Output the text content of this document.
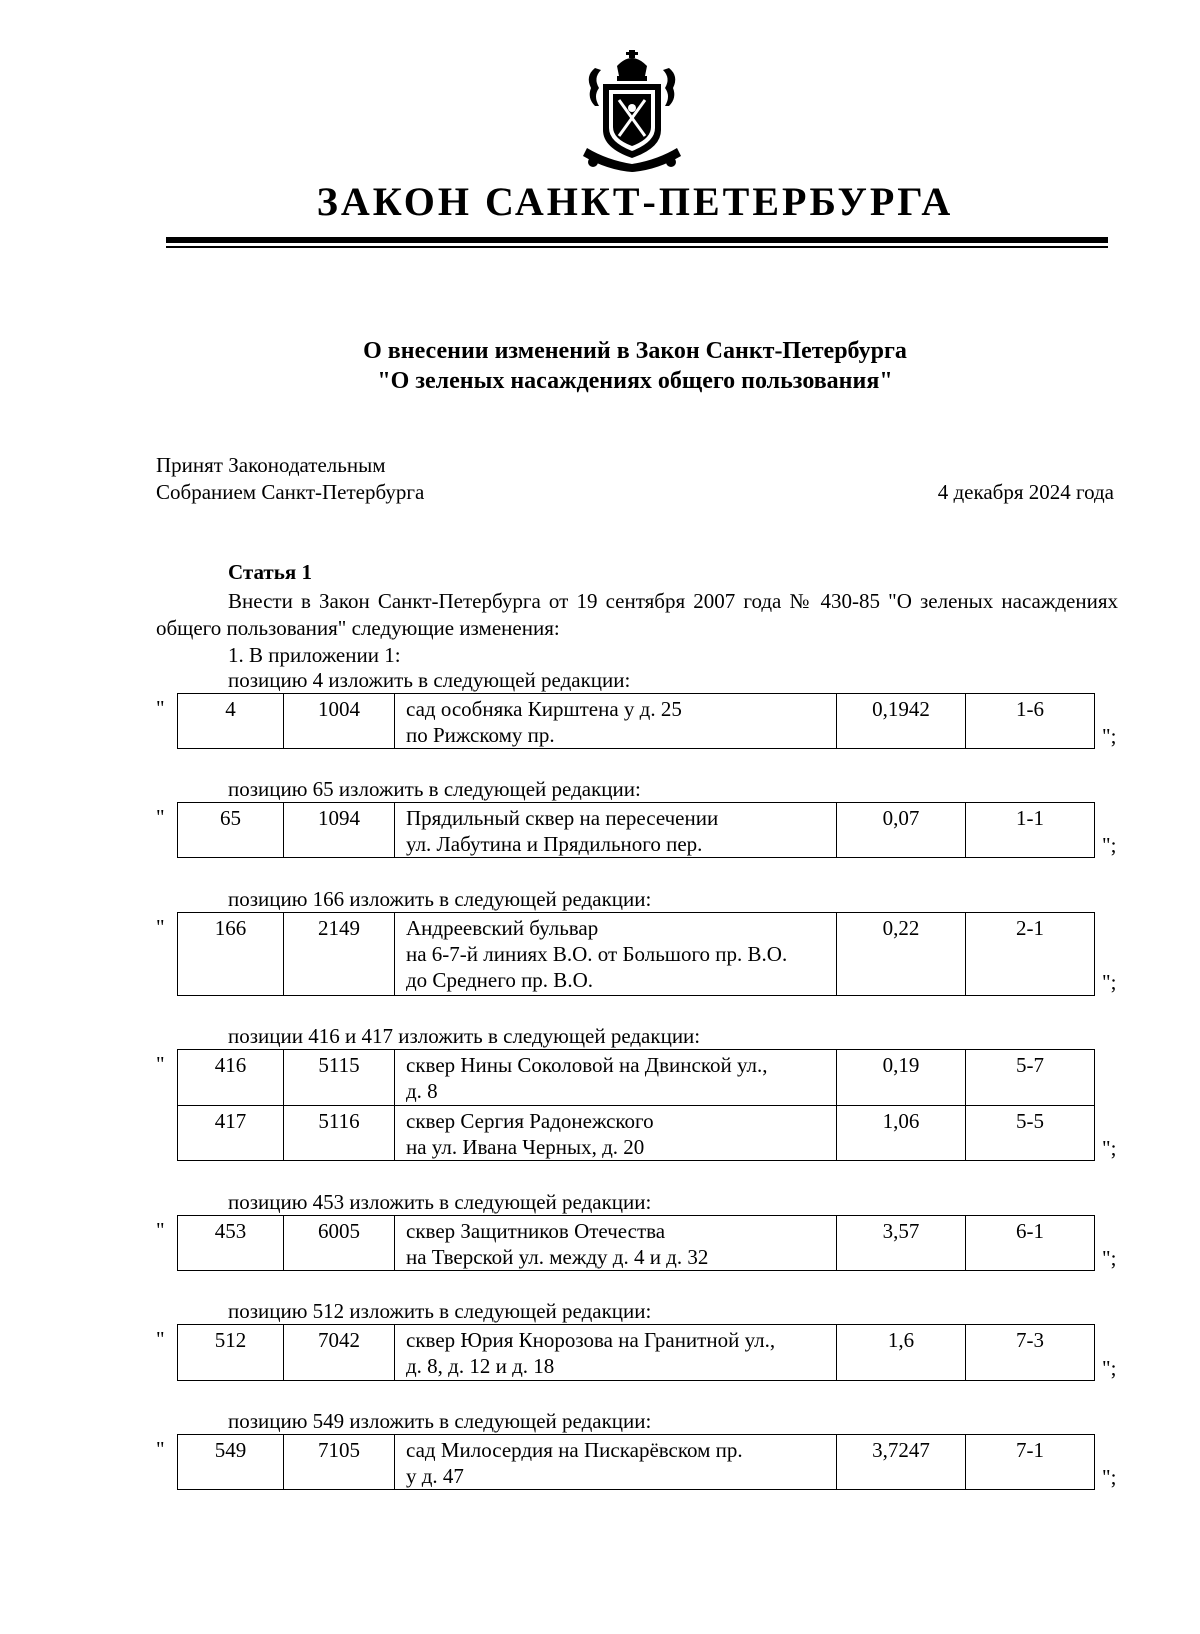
ЗАКОН САНКТ-ПЕТЕРБУРГА
О внесении изменений в Закон Санкт-Петербурга
"О зеленых насаждениях общего пользования"
Принят Законодательным
Собранием Санкт-Петербурга	4 декабря 2024 года
Статья 1
Внести в Закон Санкт-Петербурга от 19 сентября 2007 года № 430-85 "О зеленых насаждениях общего пользования" следующие изменения:
1. В приложении 1:
позицию 4 изложить в следующей редакции:
"	4	1004	сад особняка Кирштена у д. 25
по Рижскому пр.
	0,1942	1-6
";
позицию 65 изложить в следующей редакции:
"	65	1094	Прядильный сквер на пересечении
ул. Лабутина и Прядильного пер.
	0,07	1-1
";
позицию 166 изложить в следующей редакции:
" 166	2149	Андреевский бульвар
на 6-7-й линиях В.О. от Большого пр. В.О.
до Среднего пр. В.О.
	0,22	2-1
";
позиции 416 и 417 изложить в следующей редакции:
" 416	5115	сквер Нины Соколовой на Двинской ул.,
д. 8	0,19	5-7
417	5116	сквер Сергия Радонежского
на ул. Ивана Черных, д. 20	1,06	5-5
";
позицию 453 изложить в следующей редакции:
" 453	6005	сквер Защитников Отечества
на Тверской ул. между д. 4 и д. 32
	3,57	6-1
";
позицию 512 изложить в следующей редакции:
" 512	7042	сквер Юрия Кнорозова на Гранитной ул.,
д. 8, д. 12 и д. 18
	1,6	7-3
";
позицию 549 изложить в следующей редакции:
" 549	7105	сад Милосердия на Пискарёвском пр.
у д. 47
	3,7247	7-1
";
